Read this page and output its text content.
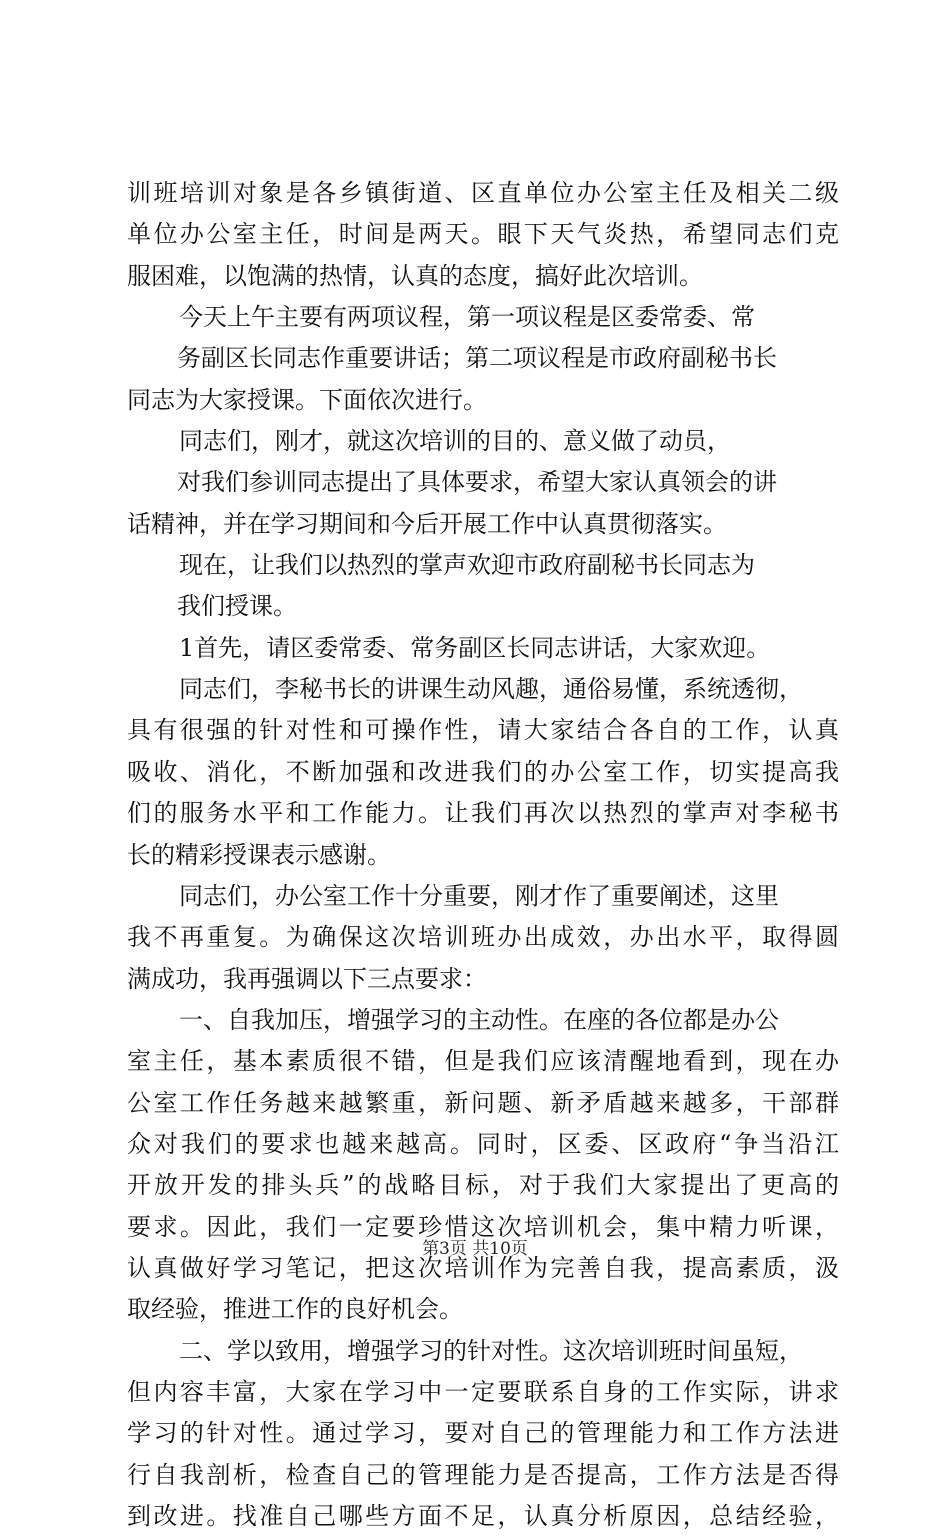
训班培训对象是各乡镇街道、区直单位办公室主任及相关二级
单位办公室主任，时间是两天。眼下天气炎热，希望同志们克
服困难，以饱满的热情，认真的态度，搞好此次培训。
今天上午主要有两项议程，第一项议程是区委常委、常
务副区长同志作重要讲话；第二项议程是市政府副秘书长
同志为大家授课。下面依次进行。
同志们，刚才，就这次培训的目的、意义做了动员，
对我们参训同志提出了具体要求，希望大家认真领会的讲
话精神，并在学习期间和今后开展工作中认真贯彻落实。
现在，让我们以热烈的掌声欢迎市政府副秘书长同志为
我们授课。
1首先，请区委常委、常务副区长同志讲话，大家欢迎。
同志们，李秘书长的讲课生动风趣，通俗易懂，系统透彻，
具有很强的针对性和可操作性，请大家结合各自的工作，认真
吸收、消化，不断加强和改进我们的办公室工作，切实提高我
们的服务水平和工作能力。让我们再次以热烈的掌声对李秘书
长的精彩授课表示感谢。
同志们，办公室工作十分重要，刚才作了重要阐述，这里
我不再重复。为确保这次培训班办出成效，办出水平，取得圆
满成功，我再强调以下三点要求：
一、自我加压，增强学习的主动性。在座的各位都是办公
室主任，基本素质很不错，但是我们应该清醒地看到，现在办
公室工作任务越来越繁重，新问题、新矛盾越来越多，干部群
众对我们的要求也越来越高。同时，区委、区政府“争当沿江
开放开发的排头兵”的战略目标，对于我们大家提出了更高的
要求。因此，我们一定要珍惜这次培训机会，集中精力听课，
认真做好学习笔记，把这次培训作为完善自我，提高素质，汲
取经验，推进工作的良好机会。
二、学以致用，增强学习的针对性。这次培训班时间虽短，
但内容丰富，大家在学习中一定要联系自身的工作实际，讲求
学习的针对性。通过学习，要对自己的管理能力和工作方法进
行自我剖析，检查自己的管理能力是否提高，工作方法是否得
到改进。找准自己哪些方面不足，认真分析原因，总结经验，
第3页 共10页
